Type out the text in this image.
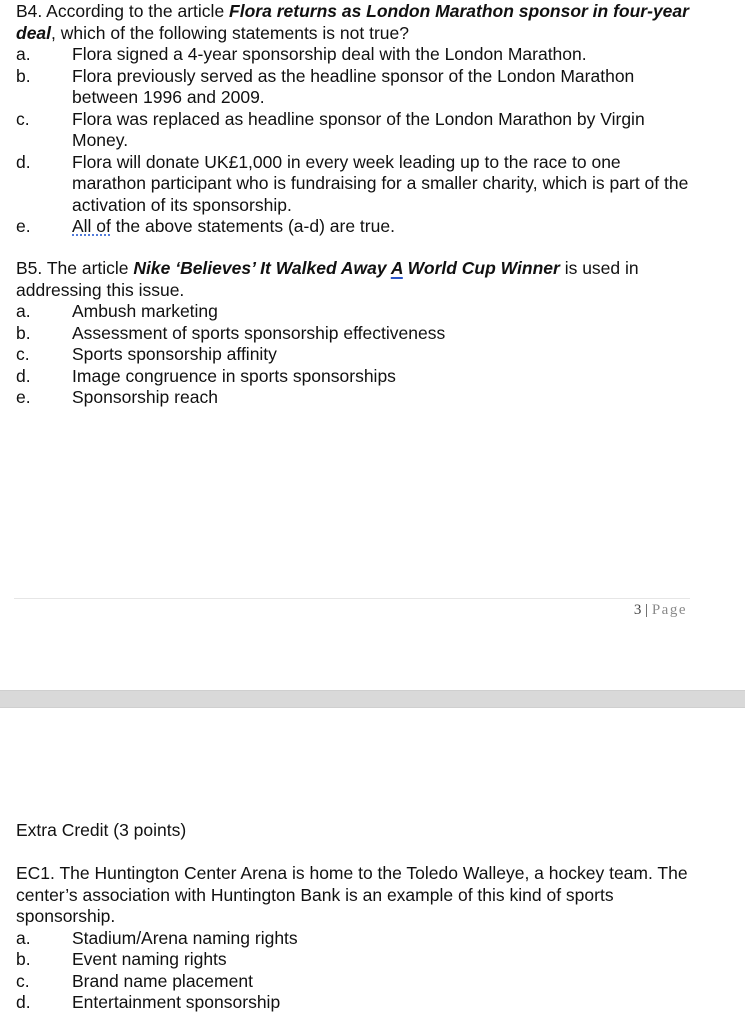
B4. According to the article Flora returns as London Marathon sponsor in four-year deal, which of the following statements is not true?

a.	Flora signed a 4-year sponsorship deal with the London Marathon.
b.	Flora previously served as the headline sponsor of the London Marathon between 1996 and 2009.
c.	Flora was replaced as headline sponsor of the London Marathon by Virgin Money.
d.	Flora will donate UK£1,000 in every week leading up to the race to one marathon participant who is fundraising for a smaller charity, which is part of the activation of its sponsorship.
e.	All of the above statements (a-d) are true.

B5. The article Nike ‘Believes’ It Walked Away A World Cup Winner is used in addressing this issue.

a.	Ambush marketing
b.	Assessment of sports sponsorship effectiveness
c.	Sports sponsorship affinity
d.	Image congruence in sports sponsorships
e.	Sponsorship reach
3 | Page

Extra Credit (3 points)

EC1. The Huntington Center Arena is home to the Toledo Walleye, a hockey team. The center’s association with Huntington Bank is an example of this kind of sports sponsorship.

a.	Stadium/Arena naming rights
b.	Event naming rights
c.	Brand name placement
d.	Entertainment sponsorship
